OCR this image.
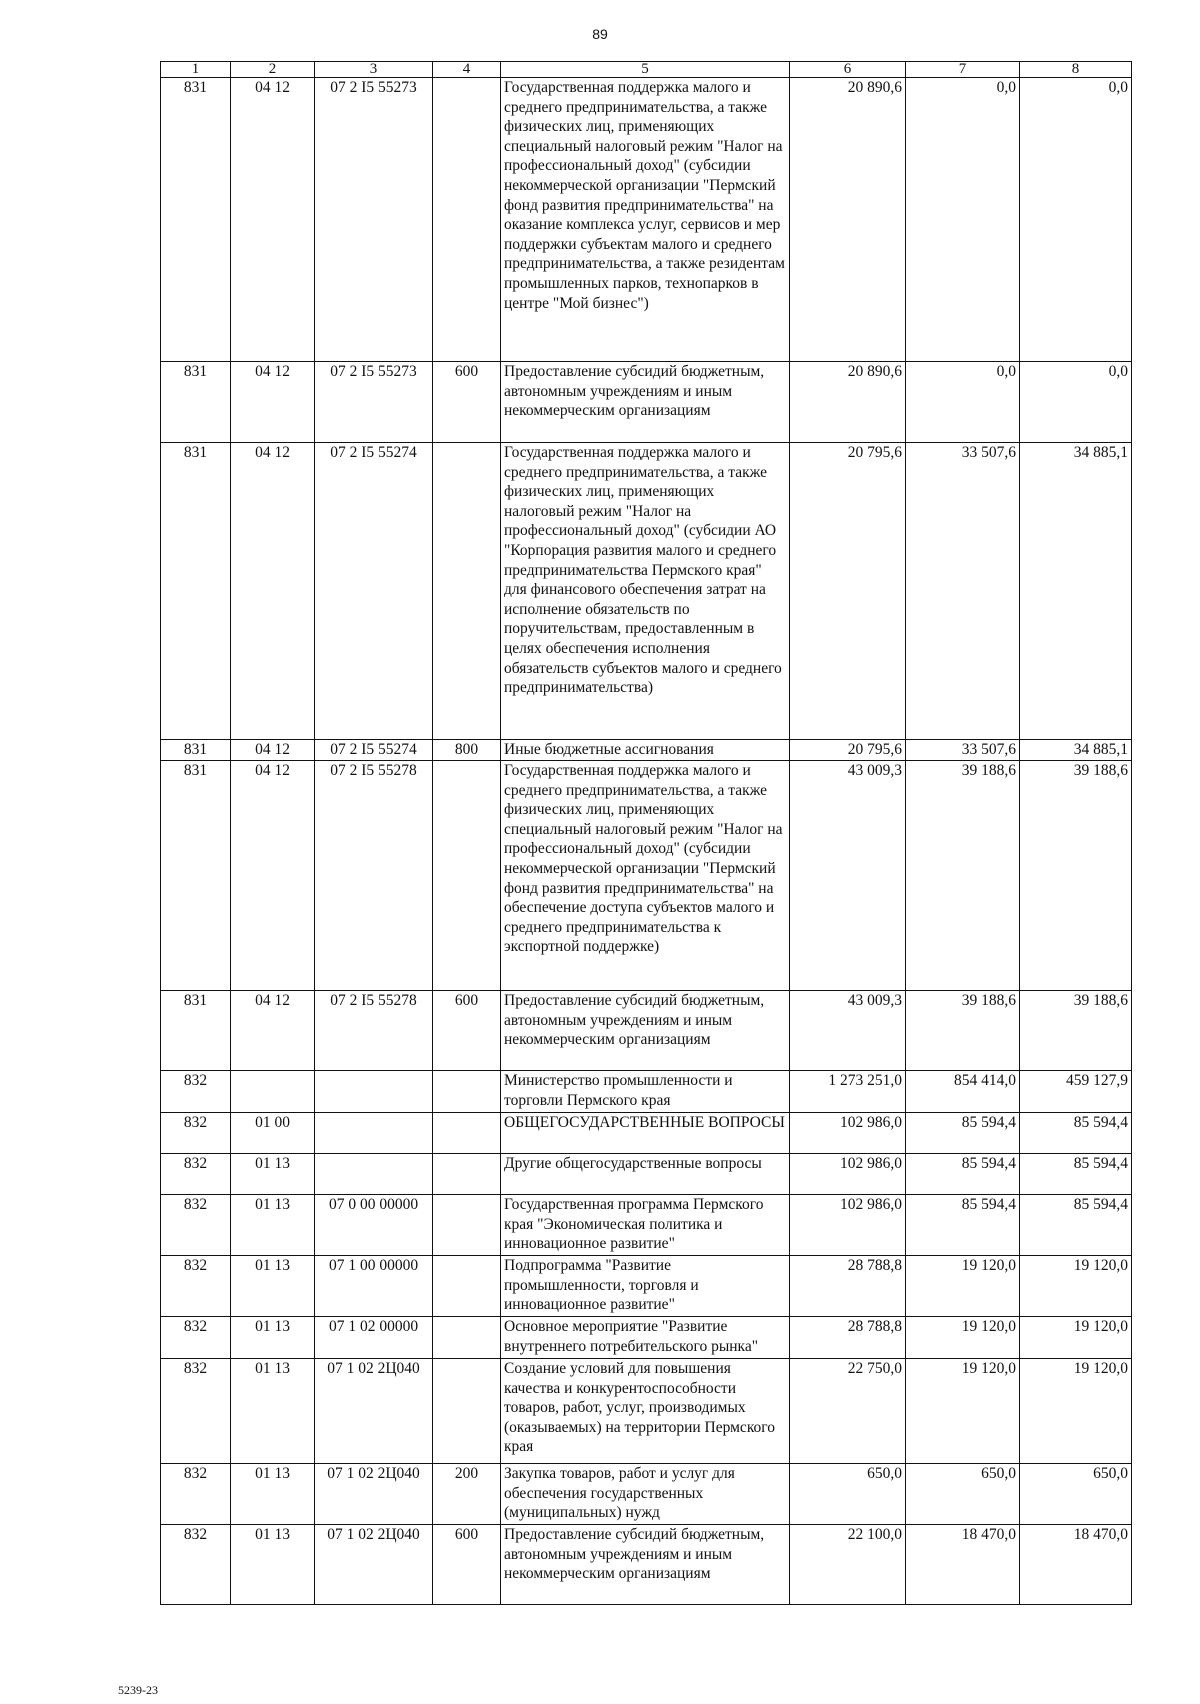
89
1	2	3	4	5	6	7	8
831	04 12	07 2 I5 55273		Государственная поддержка малого и среднего предпринимательства, а также физических лиц, применяющих специальный налоговый режим "Налог на профессиональный доход" (субсидии некоммерческой организации "Пермский фонд развития предпринимательства" на оказание комплекса услуг, сервисов и мер поддержки субъектам малого и среднего предпринимательства, а также резидентам промышленных парков, технопарков в центре "Мой бизнес")	20 890,6	0,0	0,0
831	04 12	07 2 I5 55273	600	Предоставление субсидий бюджетным, автономным учреждениям и иным некоммерческим организациям	20 890,6	0,0	0,0
831	04 12	07 2 I5 55274		Государственная поддержка малого и среднего предпринимательства, а также физических лиц, применяющих налоговый режим "Налог на профессиональный доход" (субсидии АО "Корпорация развития малого и среднего предпринимательства Пермского края" для финансового обеспечения затрат на исполнение обязательств по поручительствам, предоставленным в целях обеспечения исполнения обязательств субъектов малого и среднего предпринимательства)	20 795,6	33 507,6	34 885,1
831	04 12	07 2 I5 55274	800	Иные бюджетные ассигнования	20 795,6	33 507,6	34 885,1
831	04 12	07 2 I5 55278		Государственная поддержка малого и среднего предпринимательства, а также физических лиц, применяющих специальный налоговый режим "Налог на профессиональный доход" (субсидии некоммерческой организации "Пермский фонд развития предпринимательства" на обеспечение доступа субъектов малого и среднего предпринимательства к экспортной поддержке)	43 009,3	39 188,6	39 188,6
831	04 12	07 2 I5 55278	600	Предоставление субсидий бюджетным, автономным учреждениям и иным некоммерческим организациям	43 009,3	39 188,6	39 188,6
832				Министерство промышленности и торговли Пермского края	1 273 251,0	854 414,0	459 127,9
832	01 00			ОБЩЕГОСУДАРСТВЕННЫЕ ВОПРОСЫ	102 986,0	85 594,4	85 594,4
832	01 13			Другие общегосударственные вопросы	102 986,0	85 594,4	85 594,4
832	01 13	07 0 00 00000		Государственная программа Пермского края "Экономическая политика и инновационное развитие"	102 986,0	85 594,4	85 594,4
832	01 13	07 1 00 00000		Подпрограмма "Развитие промышленности, торговля и инновационное развитие"	28 788,8	19 120,0	19 120,0
832	01 13	07 1 02 00000		Основное мероприятие "Развитие внутреннего потребительского рынка"	28 788,8	19 120,0	19 120,0
832	01 13	07 1 02 2Ц040		Создание условий для повышения качества и конкурентоспособности товаров, работ, услуг, производимых (оказываемых) на территории Пермского края	22 750,0	19 120,0	19 120,0
832	01 13	07 1 02 2Ц040	200	Закупка товаров, работ и услуг для обеспечения государственных (муниципальных) нужд	650,0	650,0	650,0
832	01 13	07 1 02 2Ц040	600	Предоставление субсидий бюджетным, автономным учреждениям и иным некоммерческим организациям	22 100,0	18 470,0	18 470,0
5239-23
